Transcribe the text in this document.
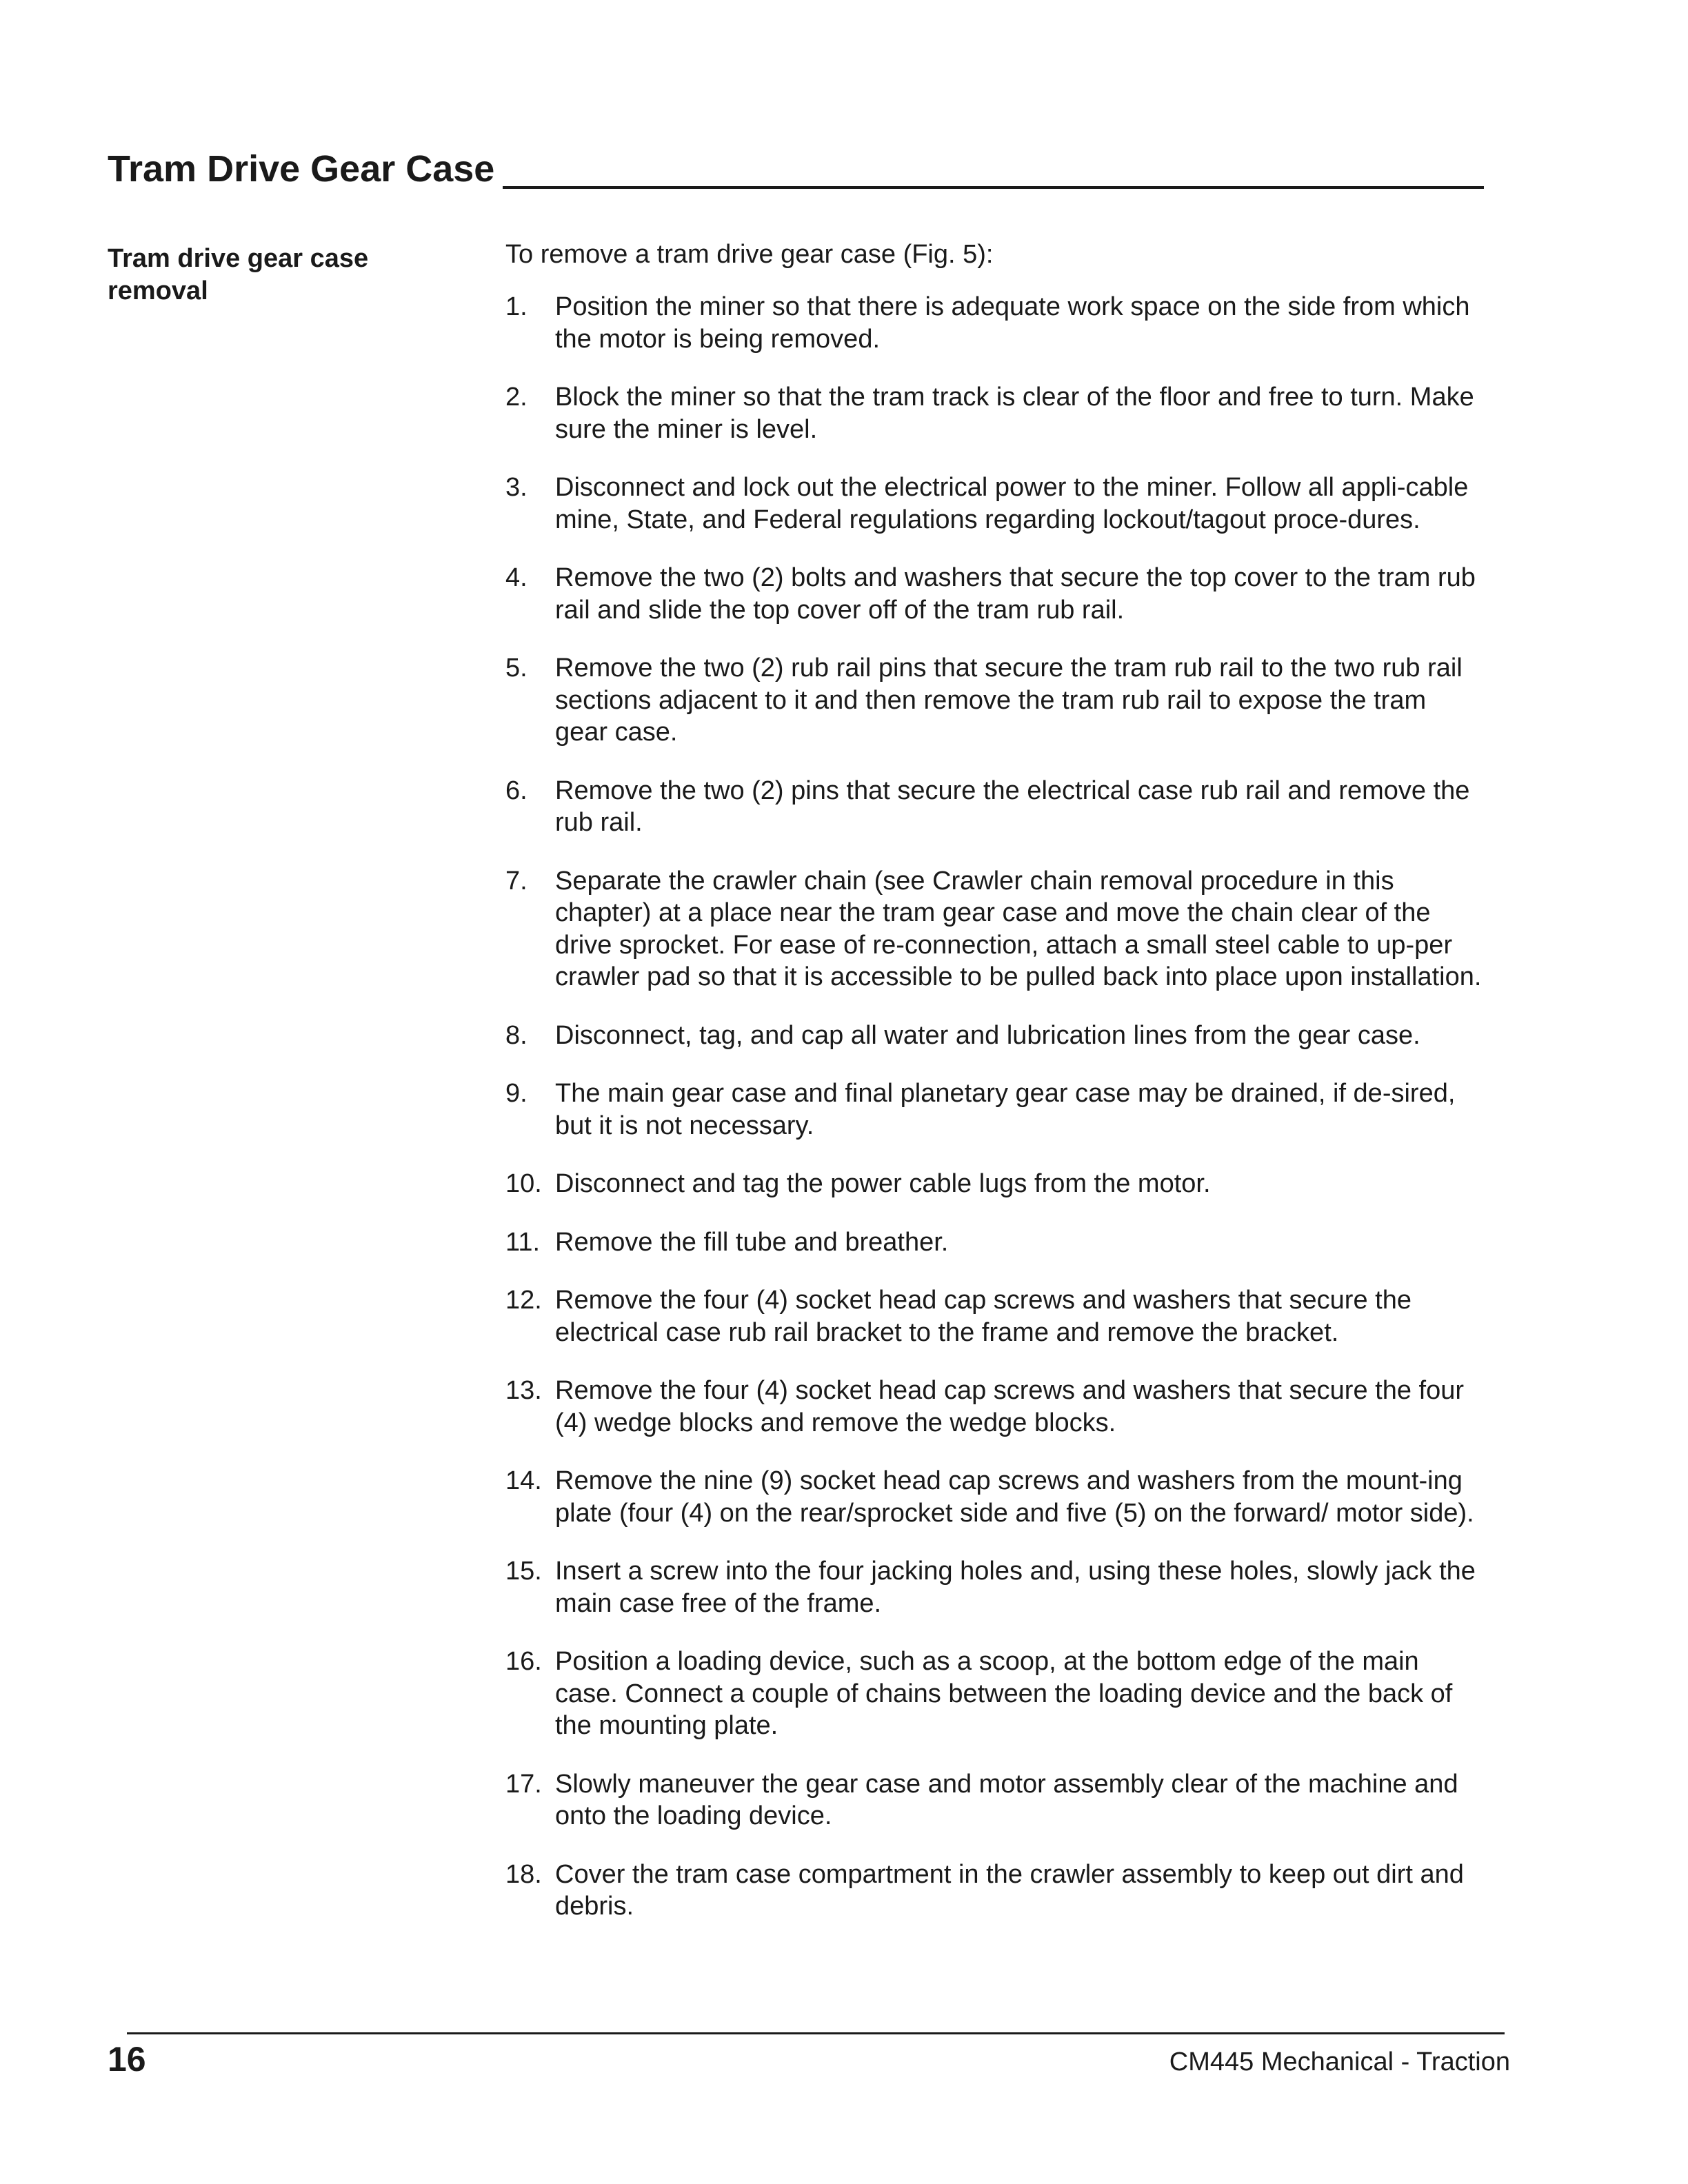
Tram Drive Gear Case
Tram drive gear case removal
To remove a tram drive gear case (Fig. 5):
1.	Position the miner so that there is adequate work space on the side from which the motor is being removed.
2.	Block the miner so that the tram track is clear of the floor and free to turn. Make sure the miner is level.
3.	Disconnect and lock out the electrical power to the miner. Follow all appli-cable mine, State, and Federal regulations regarding lockout/tagout proce-dures.
4.	Remove the two (2) bolts and washers that secure the top cover to the tram rub rail and slide the top cover off of the tram rub rail.
5.	Remove the two (2) rub rail pins that secure the tram rub rail to the two rub rail sections adjacent to it and then remove the tram rub rail to expose the tram gear case.
6.	Remove the two (2) pins that secure the electrical case rub rail and remove the rub rail.
7.	Separate the crawler chain (see Crawler chain removal procedure in this chapter) at a place near the tram gear case and move the chain clear of the drive sprocket. For ease of re-connection, attach a small steel cable to up-per crawler pad so that it is accessible to be pulled back into place upon installation.
8.	Disconnect, tag, and cap all water and lubrication lines from the gear case.
9.	The main gear case and final planetary gear case may be drained, if de-sired, but it is not necessary.
10. Disconnect and tag the power cable lugs from the motor.
11. Remove the fill tube and breather.
12. Remove the four (4) socket head cap screws and washers that secure the electrical case rub rail bracket to the frame and remove the bracket.
13. Remove the four (4) socket head cap screws and washers that secure the four (4) wedge blocks and remove the wedge blocks.
14. Remove the nine (9) socket head cap screws and washers from the mount-ing plate (four (4) on the rear/sprocket side and five (5) on the forward/ motor side).
15. Insert a screw into the four jacking holes and, using these holes, slowly jack the main case free of the frame.
16. Position a loading device, such as a scoop, at the bottom edge of the main case. Connect a couple of chains between the loading device and the back of the mounting plate.
17. Slowly maneuver the gear case and motor assembly clear of the machine and onto the loading device.
18. Cover the tram case compartment in the crawler assembly to keep out dirt and debris.
16	CM445 Mechanical - Traction
